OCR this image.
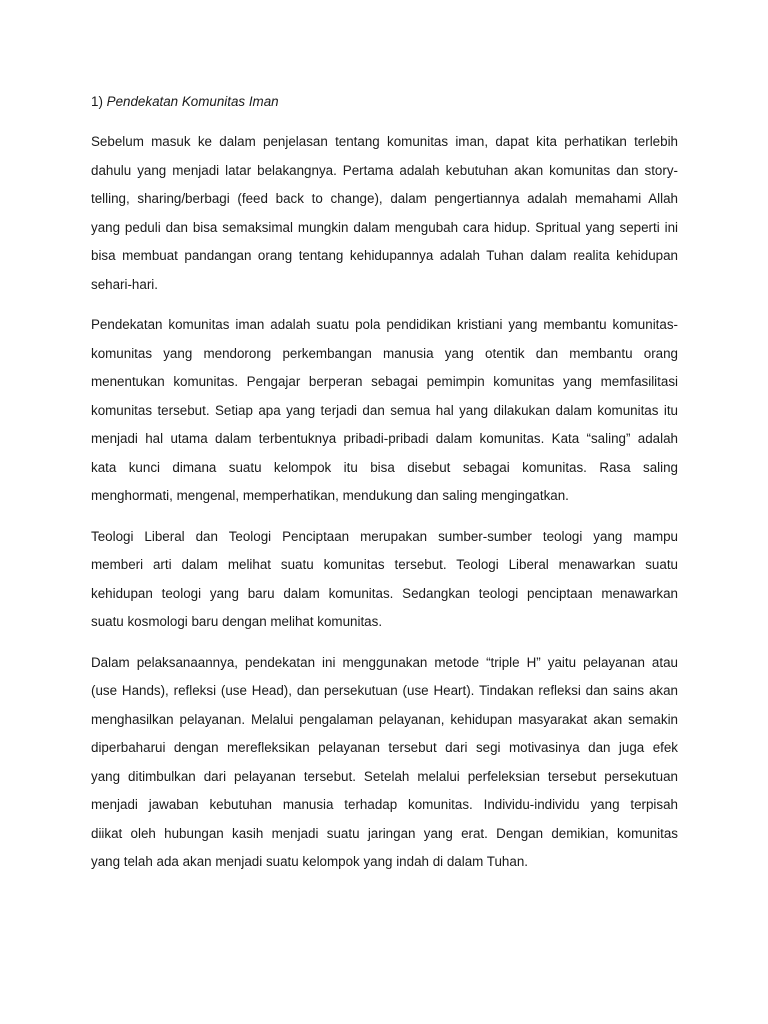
1) Pendekatan Komunitas Iman

Sebelum masuk ke dalam penjelasan tentang komunitas iman, dapat kita perhatikan terlebih
dahulu yang menjadi latar belakangnya. Pertama adalah kebutuhan akan komunitas dan story-
telling, sharing/berbagi (feed back to change), dalam pengertiannya adalah memahami Allah
yang peduli dan bisa semaksimal mungkin dalam mengubah cara hidup. Spritual yang seperti ini
bisa membuat pandangan orang tentang kehidupannya adalah Tuhan dalam realita kehidupan
sehari-hari.

Pendekatan komunitas iman adalah suatu pola pendidikan kristiani yang membantu komunitas-
komunitas yang mendorong perkembangan manusia yang otentik dan membantu orang
menentukan komunitas. Pengajar berperan sebagai pemimpin komunitas yang memfasilitasi
komunitas tersebut. Setiap apa yang terjadi dan semua hal yang dilakukan dalam komunitas itu
menjadi hal utama dalam terbentuknya pribadi-pribadi dalam komunitas. Kata “saling” adalah
kata kunci dimana suatu kelompok itu bisa disebut sebagai komunitas. Rasa saling
menghormati, mengenal, memperhatikan, mendukung dan saling mengingatkan.

Teologi Liberal dan Teologi Penciptaan merupakan sumber-sumber teologi yang mampu
memberi arti dalam melihat suatu komunitas tersebut. Teologi Liberal menawarkan suatu
kehidupan teologi yang baru dalam komunitas. Sedangkan teologi penciptaan menawarkan
suatu kosmologi baru dengan melihat komunitas.

Dalam pelaksanaannya, pendekatan ini menggunakan metode “triple H” yaitu pelayanan atau
(use Hands), refleksi (use Head), dan persekutuan (use Heart). Tindakan refleksi dan sains akan
menghasilkan pelayanan. Melalui pengalaman pelayanan, kehidupan masyarakat akan semakin
diperbaharui dengan merefleksikan pelayanan tersebut dari segi motivasinya dan juga efek
yang ditimbulkan dari pelayanan tersebut. Setelah melalui perfeleksian tersebut persekutuan
menjadi jawaban kebutuhan manusia terhadap komunitas. Individu-individu yang terpisah
diikat oleh hubungan kasih menjadi suatu jaringan yang erat. Dengan demikian, komunitas
yang telah ada akan menjadi suatu kelompok yang indah di dalam Tuhan.
